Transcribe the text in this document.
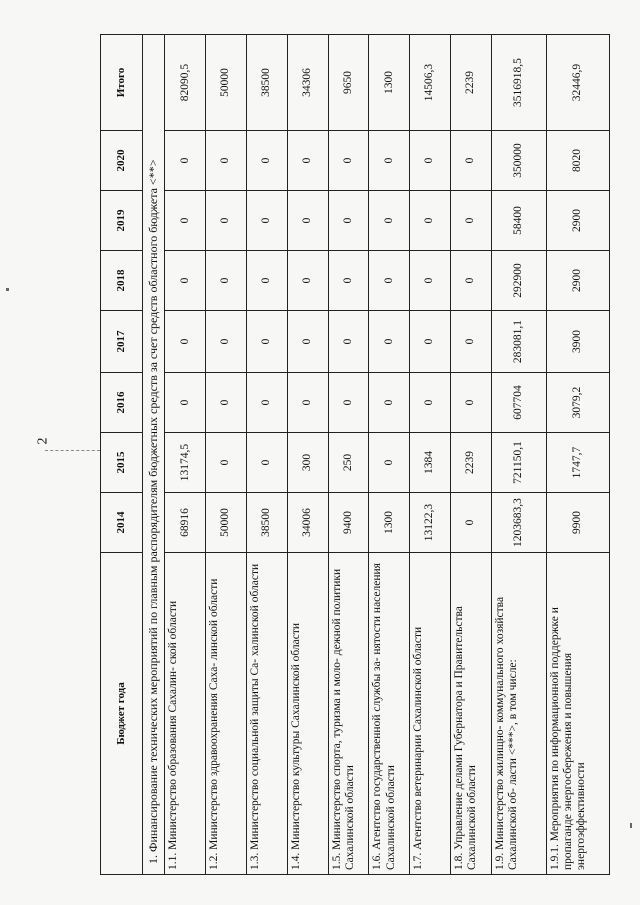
2
Бюджет года	2014	2015	2016	2017	2018	2019	2020	Итого
1. Финансирование технических мероприятий по главным распорядителям бюджетных средств за счет средств областного бюджета <**>								
1.1. Министерство образования Сахалин- ской области	68916	13174,5	0	0	0	0	0	82090,5
1.2. Министерство здравоохранения Саха- линской области	50000	0	0	0	0	0	0	50000
1.3. Министерство социальной защиты Са- халинской области	38500	0	0	0	0	0	0	38500
1.4. Министерство культуры Сахалинской области	34006	300	0	0	0	0	0	34306
1.5. Министерство спорта, туризма и моло- дежной политики Сахалинской области	9400	250	0	0	0	0	0	9650
1.6. Агентство государственной службы за- нятости населения Сахалинской области	1300	0	0	0	0	0	0	1300
1.7. Агентство ветеринарии Сахалинской области	13122,3	1384	0	0	0	0	0	14506,3
1.8. Управление делами Губернатора и Правительства Сахалинской области	0	2239	0	0	0	0	0	2239
1.9. Министерство жилищно- коммунального хозяйства Сахалинской об- ласти <***>, в том числе:	1203683,3	721150,1	607704	283081,1	292900	58400	350000	3516918,5
1.9.1. Мероприятия по информационной поддержке и пропаганде энергосбережения и повышения энергоэффективности	9900	1747,7	3079,2	3900	2900	2900	8020	32446,9
